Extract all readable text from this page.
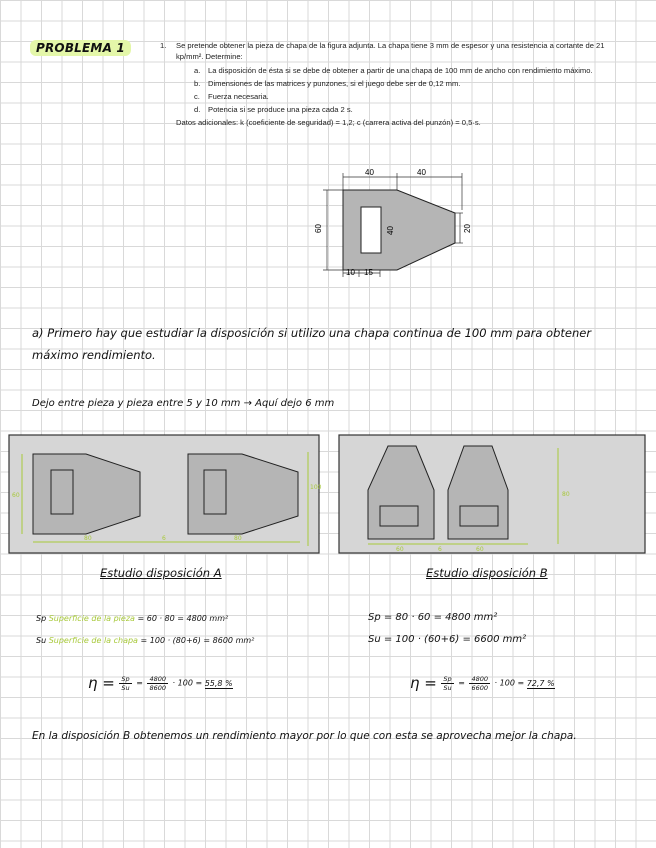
PROBLEMA 1	1.	Se pretende obtener la pieza de chapa de la figura adjunta. La chapa tiene 3 mm de espesor y una resistencia a cortante de 21 kp/mm². Determine:
a.	La disposición de ésta si se debe de obtener a partir de una chapa de 100 mm de ancho con rendimiento máximo.
b.	Dimensiones de las matrices y punzones, si el juego debe ser de 0,12 mm.
c.	Fuerza necesaria.
d.	Potencia si se produce una pieza cada 2 s.
Datos adicionales: k (coeficiente de seguridad) = 1,2; c (carrera activa del punzón) = 0,5·s.
40	40
60	40	20
10 15
a) Primero hay que estudiar la disposición si utilizo una chapa continua de 100 mm para obtener máximo rendimiento.
Dejo entre pieza y pieza entre 5 y 10 mm → Aquí dejo 6 mm
60
80	6	80
100
Estudio disposición A
80
60	6	60
Estudio disposición B
Sp Superficie de la pieza = 60 · 80 = 4800 mm²
Su Superficie de la chapa = 100 · (80+6) = 8600 mm²
$\eta = \frac{Sp}{Su} = \frac{4800}{8600} \cdot 100 = 55,8$ %
Sp = 80 · 60 = 4800 mm²
Su = 100 · (60+6) = 6600 mm²
$\eta = \frac{Sp}{Su} = \frac{4800}{6600} \cdot 100 = 72,7$ %
En la disposición B obtenemos un rendimiento mayor por lo que con esta se aprovecha mejor la chapa.
